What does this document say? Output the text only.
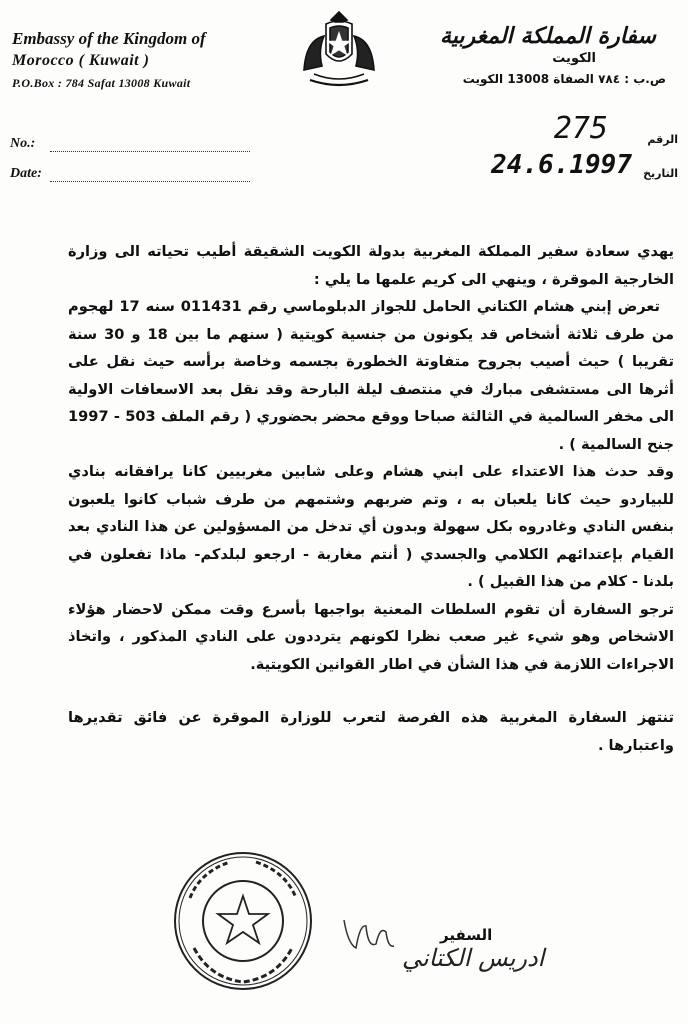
Embassy of the Kingdom of
Morocco ( Kuwait )
P.O.Box : 784 Safat 13008 Kuwait
سفارة المملكة المغربية
الكويت
ص.ب : ٧٨٤ الصفاة 13008 الكويت
No.:
Date:
الرقم
275
التاريخ
24.6.1997

يهدي سعادة سفير المملكة المغربية بدولة الكويت الشقيقة أطيب تحياته الى وزارة الخارجية الموقرة ، وينهي الى كريم علمها ما يلي :

تعرض إبني هشام الكتاني الحامل للجواز الدبلوماسي رقم 011431 سنه 17 لهجوم من طرف ثلاثة أشخاص قد يكونون من جنسية كويتية ( سنهم ما بين 18 و 30 سنة تقريبا ) حيث أصيب بجروح متفاوتة الخطورة بجسمه وخاصة برأسه حيث نقل على أثرها الى مستشفى مبارك في منتصف ليلة البارحة وقد نقل بعد الاسعافات الاولية الى مخفر السالمية في الثالثة صباحا ووقع محضر بحضوري ( رقم الملف 503 - 1997 جنح السالمية ) .

وقد حدث هذا الاعتداء على ابني هشام وعلى شابين مغربيين كانا يرافقانه بنادي للبياردو حيث كانا يلعبان به ، وتم ضربهم وشتمهم من طرف شباب كانوا يلعبون بنفس النادي وغادروه بكل سهولة وبدون أي تدخل من المسؤولين عن هذا النادي بعد القيام بإعتدائهم الكلامي والجسدي ( أنتم مغاربة - ارجعو لبلدكم- ماذا تفعلون في بلدنا - كلام من هذا القبيل ) .

ترجو السفارة أن تقوم السلطات المعنية بواجبها بأسرع وقت ممكن لاحضار هؤلاء الاشخاص وهو شيء غير صعب نظرا لكونهم يترددون على النادي المذكور ، واتخاذ الاجراءات اللازمة في هذا الشأن في اطار القوانين الكويتية.

تنتهز السفارة المغربية هذه الفرصة لتعرب للوزارة الموقرة عن فائق تقديرها واعتبارها .

السفير
ادريس الكتاني
